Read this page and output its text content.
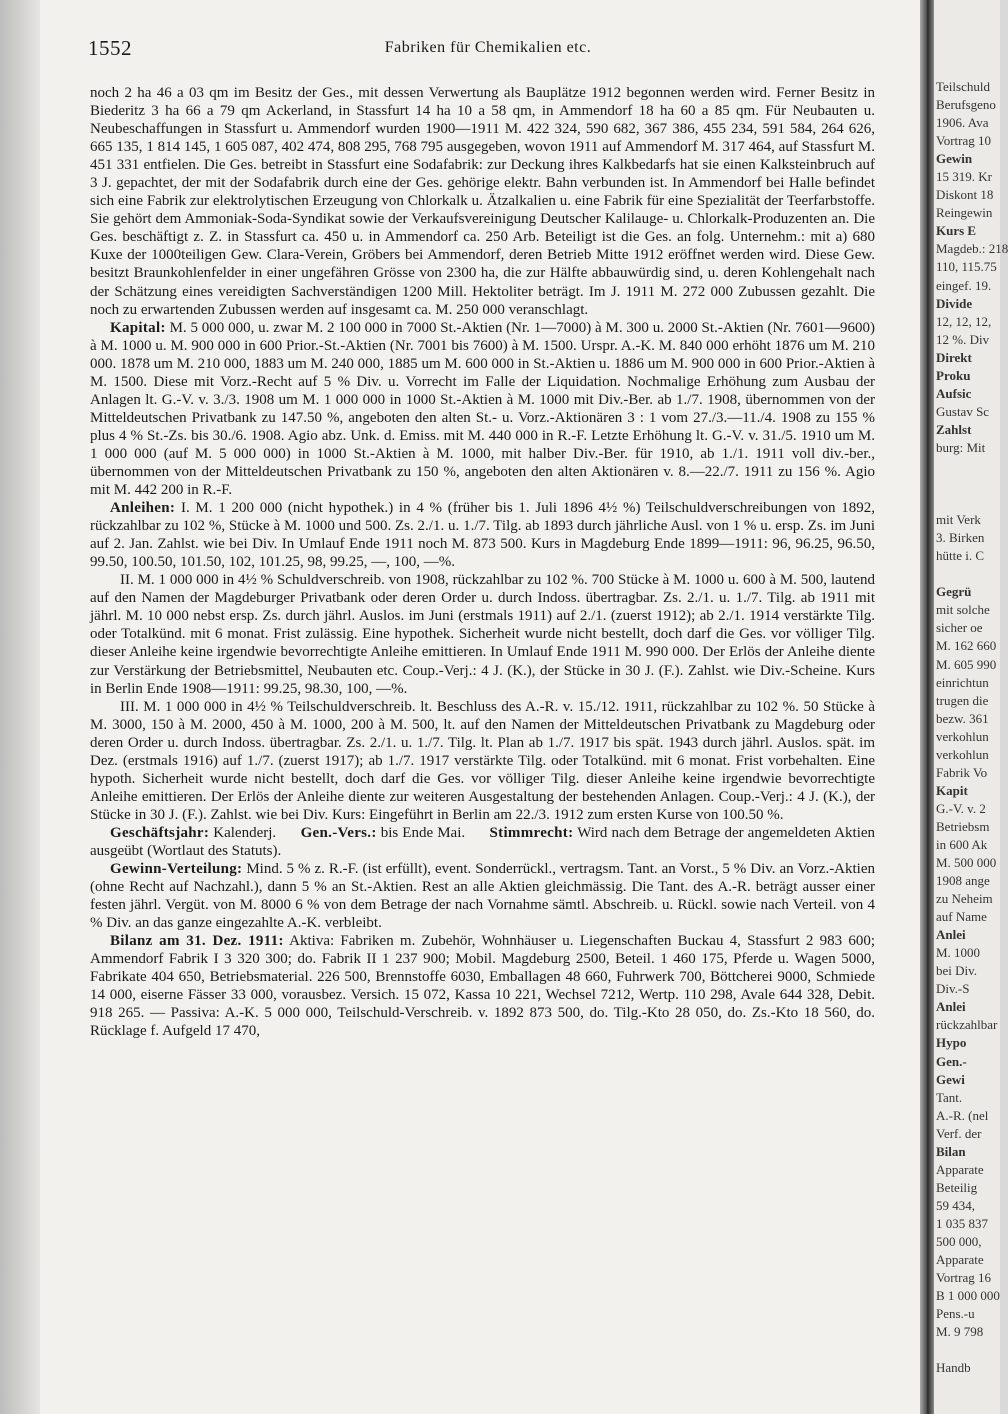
1552	Fabriken für Chemikalien etc.

noch 2 ha 46 a 03 qm im Besitz der Ges., mit dessen Verwertung als Bauplätze 1912 begonnen werden wird. Ferner Besitz in Biederitz 3 ha 66 a 79 qm Ackerland, in Stassfurt 14 ha 10 a 58 qm, in Ammendorf 18 ha 60 a 85 qm. Für Neubauten u. Neubeschaffungen in Stassfurt u. Ammendorf wurden 1900—1911 M. 422 324, 590 682, 367 386, 455 234, 591 584, 264 626, 665 135, 1 814 145, 1 605 087, 402 474, 808 295, 768 795 ausgegeben, wovon 1911 auf Ammendorf M. 317 464, auf Stassfurt M. 451 331 entfielen. Die Ges. betreibt in Stassfurt eine Sodafabrik: zur Deckung ihres Kalkbedarfs hat sie einen Kalksteinbruch auf 3 J. gepachtet, der mit der Sodafabrik durch eine der Ges. gehörige elektr. Bahn verbunden ist. In Ammendorf bei Halle befindet sich eine Fabrik zur elektrolytischen Erzeugung von Chlorkalk u. Ätzalkalien u. eine Fabrik für eine Spezialität der Teerfarbstoffe. Sie gehört dem Ammoniak-Soda-Syndikat sowie der Verkaufsvereinigung Deutscher Kalilauge- u. Chlorkalk-Produzenten an. Die Ges. beschäftigt z. Z. in Stassfurt ca. 450 u. in Ammendorf ca. 250 Arb. Beteiligt ist die Ges. an folg. Unternehm.: mit a) 680 Kuxe der 1000teiligen Gew. Clara-Verein, Gröbers bei Ammendorf, deren Betrieb Mitte 1912 eröffnet werden wird. Diese Gew. besitzt Braunkohlenfelder in einer ungefähren Grösse von 2300 ha, die zur Hälfte abbauwürdig sind, u. deren Kohlengehalt nach der Schätzung eines vereidigten Sachverständigen 1200 Mill. Hektoliter beträgt. Im J. 1911 M. 272 000 Zubussen gezahlt. Die noch zu erwartenden Zubussen werden auf insgesamt ca. M. 250 000 veranschlagt.

Kapital: M. 5 000 000, u. zwar M. 2 100 000 in 7000 St.-Aktien (Nr. 1—7000) à M. 300 u. 2000 St.-Aktien (Nr. 7601—9600) à M. 1000 u. M. 900 000 in 600 Prior.-St.-Aktien (Nr. 7001 bis 7600) à M. 1500. Urspr. A.-K. M. 840 000 erhöht 1876 um M. 210 000. 1878 um M. 210 000, 1883 um M. 240 000, 1885 um M. 600 000 in St.-Aktien u. 1886 um M. 900 000 in 600 Prior.-Aktien à M. 1500. Diese mit Vorz.-Recht auf 5 % Div. u. Vorrecht im Falle der Liquidation. Nochmalige Erhöhung zum Ausbau der Anlagen lt. G.-V. v. 3./3. 1908 um M. 1 000 000 in 1000 St.-Aktien à M. 1000 mit Div.-Ber. ab 1./7. 1908, übernommen von der Mitteldeutschen Privatbank zu 147.50 %, angeboten den alten St.- u. Vorz.-Aktionären 3 : 1 vom 27./3.—11./4. 1908 zu 155 % plus 4 % St.-Zs. bis 30./6. 1908. Agio abz. Unk. d. Emiss. mit M. 440 000 in R.-F. Letzte Erhöhung lt. G.-V. v. 31./5. 1910 um M. 1 000 000 (auf M. 5 000 000) in 1000 St.-Aktien à M. 1000, mit halber Div.-Ber. für 1910, ab 1./1. 1911 voll div.-ber., übernommen von der Mitteldeutschen Privatbank zu 150 %, angeboten den alten Aktionären v. 8.—22./7. 1911 zu 156 %. Agio mit M. 442 200 in R.-F.

Anleihen: I. M. 1 200 000 (nicht hypothek.) in 4 % (früher bis 1. Juli 1896 4½ %) Teilschuldverschreibungen von 1892, rückzahlbar zu 102 %, Stücke à M. 1000 und 500. Zs. 2./1. u. 1./7. Tilg. ab 1893 durch jährliche Ausl. von 1 % u. ersp. Zs. im Juni auf 2. Jan. Zahlst. wie bei Div. In Umlauf Ende 1911 noch M. 873 500. Kurs in Magdeburg Ende 1899—1911: 96, 96.25, 96.50, 99.50, 100.50, 101.50, 102, 101.25, 98, 99.25, —, 100, —%.

II. M. 1 000 000 in 4½ % Schuldverschreib. von 1908, rückzahlbar zu 102 %. 700 Stücke à M. 1000 u. 600 à M. 500, lautend auf den Namen der Magdeburger Privatbank oder deren Order u. durch Indoss. übertragbar. Zs. 2./1. u. 1./7. Tilg. ab 1911 mit jährl. M. 10 000 nebst ersp. Zs. durch jährl. Auslos. im Juni (erstmals 1911) auf 2./1. (zuerst 1912); ab 2./1. 1914 verstärkte Tilg. oder Totalkünd. mit 6 monat. Frist zulässig. Eine hypothek. Sicherheit wurde nicht bestellt, doch darf die Ges. vor völliger Tilg. dieser Anleihe keine irgendwie bevorrechtigte Anleihe emittieren. In Umlauf Ende 1911 M. 990 000. Der Erlös der Anleihe diente zur Verstärkung der Betriebsmittel, Neubauten etc. Coup.-Verj.: 4 J. (K.), der Stücke in 30 J. (F.). Zahlst. wie Div.-Scheine. Kurs in Berlin Ende 1908—1911: 99.25, 98.30, 100, —%.

III. M. 1 000 000 in 4½ % Teilschuldverschreib. lt. Beschluss des A.-R. v. 15./12. 1911, rückzahlbar zu 102 %. 50 Stücke à M. 3000, 150 à M. 2000, 450 à M. 1000, 200 à M. 500, lt. auf den Namen der Mitteldeutschen Privatbank zu Magdeburg oder deren Order u. durch Indoss. übertragbar. Zs. 2./1. u. 1./7. Tilg. lt. Plan ab 1./7. 1917 bis spät. 1943 durch jährl. Auslos. spät. im Dez. (erstmals 1916) auf 1./7. (zuerst 1917); ab 1./7. 1917 verstärkte Tilg. oder Totalkünd. mit 6 monat. Frist vorbehalten. Eine hypoth. Sicherheit wurde nicht bestellt, doch darf die Ges. vor völliger Tilg. dieser Anleihe keine irgendwie bevorrechtigte Anleihe emittieren. Der Erlös der Anleihe diente zur weiteren Ausgestaltung der bestehenden Anlagen. Coup.-Verj.: 4 J. (K.), der Stücke in 30 J. (F.). Zahlst. wie bei Div. Kurs: Eingeführt in Berlin am 22./3. 1912 zum ersten Kurse von 100.50 %.

Geschäftsjahr: Kalenderj. Gen.-Vers.: bis Ende Mai. Stimmrecht: Wird nach dem Betrage der angemeldeten Aktien ausgeübt (Wortlaut des Statuts).

Gewinn-Verteilung: Mind. 5 % z. R.-F. (ist erfüllt), event. Sonderrückl., vertragsm. Tant. an Vorst., 5 % Div. an Vorz.-Aktien (ohne Recht auf Nachzahl.), dann 5 % an St.-Aktien. Rest an alle Aktien gleichmässig. Die Tant. des A.-R. beträgt ausser einer festen jährl. Vergüt. von M. 8000 6 % von dem Betrage der nach Vornahme sämtl. Abschreib. u. Rückl. sowie nach Verteil. von 4 % Div. an das ganze eingezahlte A.-K. verbleibt.

Bilanz am 31. Dez. 1911: Aktiva: Fabriken m. Zubehör, Wohnhäuser u. Liegenschaften Buckau 4, Stassfurt 2 983 600; Ammendorf Fabrik I 3 320 300; do. Fabrik II 1 237 900; Mobil. Magdeburg 2500, Beteil. 1 460 175, Pferde u. Wagen 5000, Fabrikate 404 650, Betriebsmaterial. 226 500, Brennstoffe 6030, Emballagen 48 660, Fuhrwerk 700, Böttcherei 9000, Schmiede 14 000, eiserne Fässer 33 000, vorausbez. Versich. 15 072, Kassa 10 221, Wechsel 7212, Wertp. 110 298, Avale 644 328, Debit. 918 265. — Passiva: A.-K. 5 000 000, Teilschuld-Verschreib. v. 1892 873 500, do. Tilg.-Kto 28 050, do. Zs.-Kto 18 560, do. Rücklage f. Aufgeld 17 470,

Teilschuld
Berufsgeno
1906. Ava
Vortrag 10
Gewin
15 319. Kr
Diskont 18
Reingewin
Kurs E
Magdeb.: 218
110, 115.75
eingef. 19.
Divide
12, 12, 12,
12 %. Div
Direkt
Proku
Aufsic
Gustav Sc
Zahlst
burg: Mit
mit Verk
3. Birken
hütte i. C
Gegrü
mit solche
sicher oe
M. 162 660
M. 605 990
einrichtun
trugen die
bezw. 361
verkohlun
verkohlun
Fabrik Vo
Kapit
G.-V. v. 2
Betriebsm
in 600 Ak
M. 500 000
1908 ange
zu Neheim
auf Name
Anlei
M. 1000
bei Div.
Div.-S
Anlei
rückzahlbar
Hypo
Gen.-
Gewi
Tant.
A.-R. (nel
Verf. der
Bilan
Apparate
Beteilig
59 434,
1 035 837
500 000,
Apparate
Vortrag 16
B 1 000 000
Pens.-u
M. 9 798
Handb
